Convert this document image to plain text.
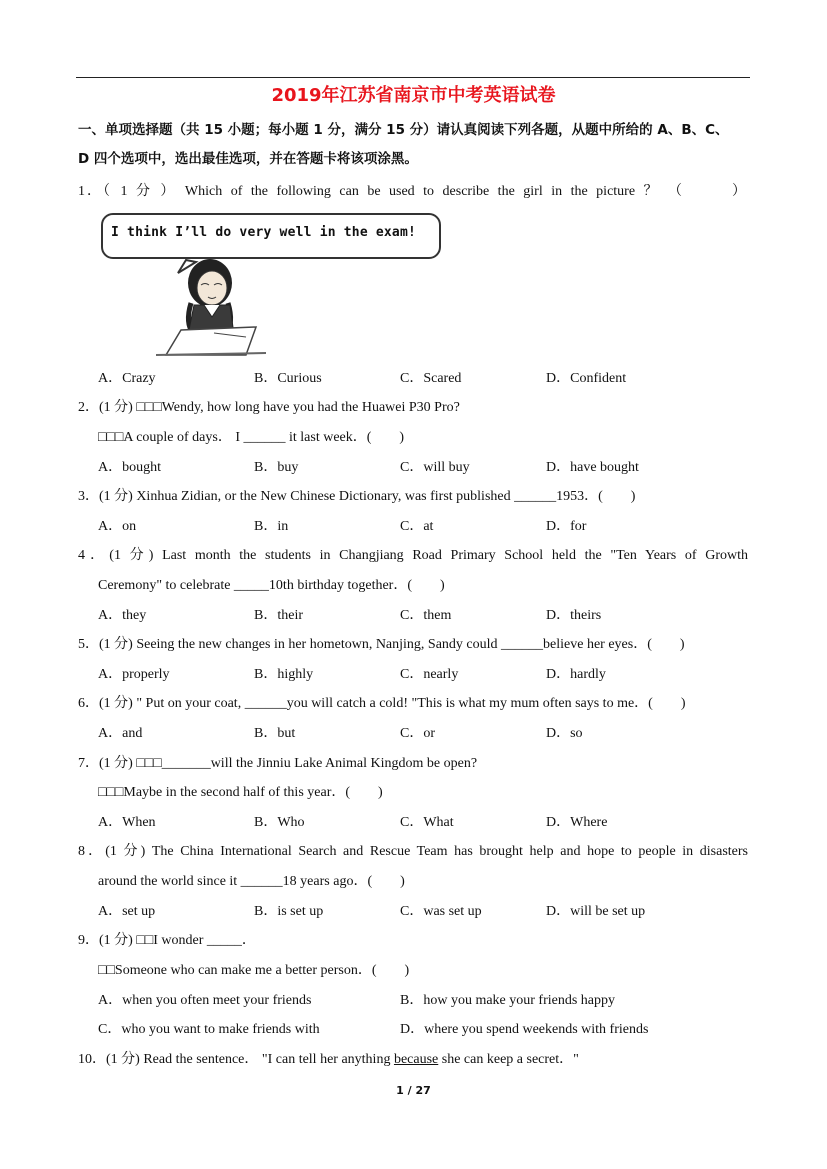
2019年江苏省南京市中考英语试卷
一、单项选择题（共 15 小题；每小题 1 分，满分 15 分）请认真阅读下列各题，从题中所给的 A、B、C、
D 四个选项中，选出最佳选项，并在答题卡将该项涂黑。
1．（ 1 分 ） Which of the following can be used to describe the girl in the picture ？ （　　　）
I think I’ll do very well in the exam!
A．Crazy	B．Curious	C．Scared	D．Confident
2．(1 分) □□□Wendy, how long have you had the Huawei P30 Pro?
□□□A couple of days． I ______ it last week．(　　)
A．bought	B．buy	C．will buy	D．have bought
3．(1 分) Xinhua Zidian, or the New Chinese Dictionary, was first published ______1953．(　　)
A．on	B．in	C．at	D．for
4．(1 分) Last month the students in Changjiang Road Primary School held the "Ten Years of Growth
Ceremony" to celebrate _____10th birthday together．(　　)
A．they	B．their	C．them	D．theirs
5．(1 分) Seeing the new changes in her hometown, Nanjing, Sandy could ______believe her eyes．(　　)
A．properly	B．highly	C．nearly	D．hardly
6．(1 分) " Put on your coat, ______you will catch a cold! "This is what my mum often says to me．(　　)
A．and	B．but	C．or	D．so
7．(1 分) □□□_______will the Jinniu Lake Animal Kingdom be open?
□□□Maybe in the second half of this year．(　　)
A．When	B．Who	C．What	D．Where
8．(1 分) The China International Search and Rescue Team has brought help and hope to people in disasters
around the world since it ______18 years ago．(　　)
A．set up	B．is set up	C．was set up	D．will be set up
9．(1 分) □□I wonder _____．
□□Someone who can make me a better person．(　　)
A．when you often meet your friends	B．how you make your friends happy
C．who you want to make friends with	D．where you spend weekends with friends
10．(1 分) Read the sentence． "I can tell her anything because she can keep a secret．"
1 / 27
